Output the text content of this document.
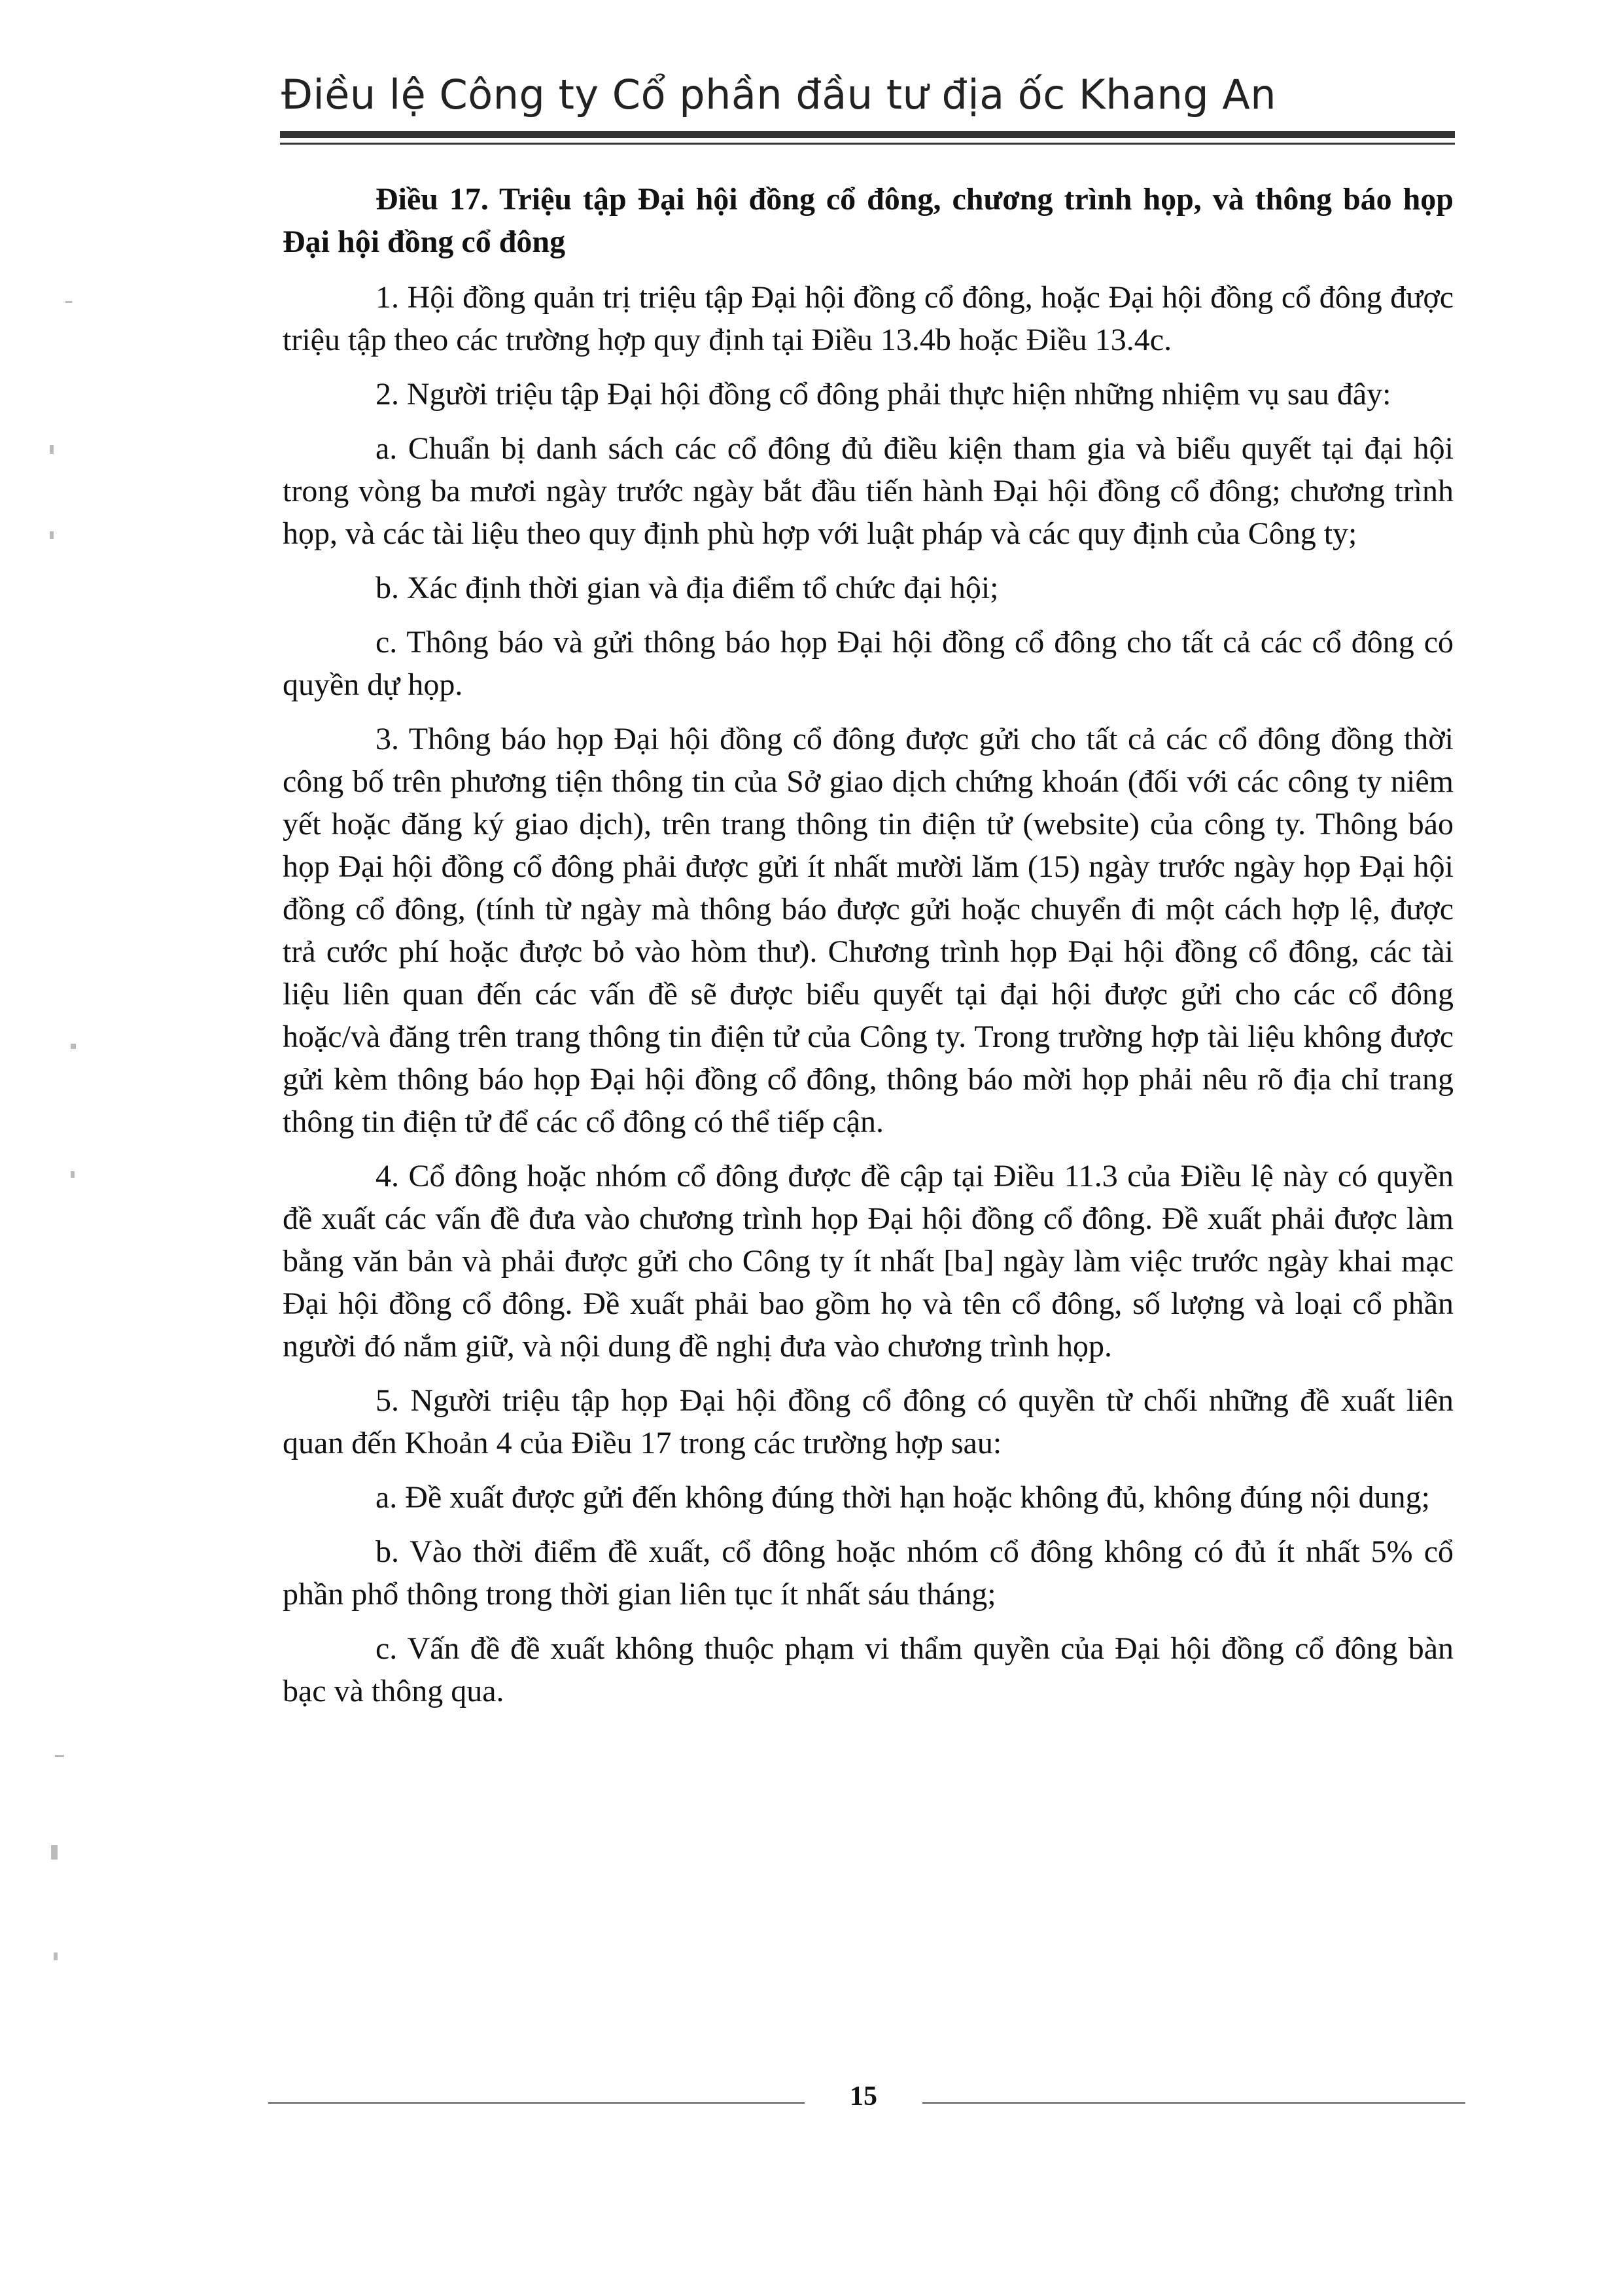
Điều lệ Công ty Cổ phần đầu tư địa ốc Khang An

Điều 17. Triệu tập Đại hội đồng cổ đông, chương trình họp, và thông báo họp Đại hội đồng cổ đông

1. Hội đồng quản trị triệu tập Đại hội đồng cổ đông, hoặc Đại hội đồng cổ đông được triệu tập theo các trường hợp quy định tại Điều 13.4b hoặc Điều 13.4c.

2. Người triệu tập Đại hội đồng cổ đông phải thực hiện những nhiệm vụ sau đây:

a. Chuẩn bị danh sách các cổ đông đủ điều kiện tham gia và biểu quyết tại đại hội trong vòng ba mươi ngày trước ngày bắt đầu tiến hành Đại hội đồng cổ đông; chương trình họp, và các tài liệu theo quy định phù hợp với luật pháp và các quy định của Công ty;

b. Xác định thời gian và địa điểm tổ chức đại hội;

c. Thông báo và gửi thông báo họp Đại hội đồng cổ đông cho tất cả các cổ đông có quyền dự họp.

3. Thông báo họp Đại hội đồng cổ đông được gửi cho tất cả các cổ đông đồng thời công bố trên phương tiện thông tin của Sở giao dịch chứng khoán (đối với các công ty niêm yết hoặc đăng ký giao dịch), trên trang thông tin điện tử (website) của công ty. Thông báo họp Đại hội đồng cổ đông phải được gửi ít nhất mười lăm (15) ngày trước ngày họp Đại hội đồng cổ đông, (tính từ ngày mà thông báo được gửi hoặc chuyển đi một cách hợp lệ, được trả cước phí hoặc được bỏ vào hòm thư). Chương trình họp Đại hội đồng cổ đông, các tài liệu liên quan đến các vấn đề sẽ được biểu quyết tại đại hội được gửi cho các cổ đông hoặc/và đăng trên trang thông tin điện tử của Công ty. Trong trường hợp tài liệu không được gửi kèm thông báo họp Đại hội đồng cổ đông, thông báo mời họp phải nêu rõ địa chỉ trang thông tin điện tử để các cổ đông có thể tiếp cận.

4. Cổ đông hoặc nhóm cổ đông được đề cập tại Điều 11.3 của Điều lệ này có quyền đề xuất các vấn đề đưa vào chương trình họp Đại hội đồng cổ đông. Đề xuất phải được làm bằng văn bản và phải được gửi cho Công ty ít nhất [ba] ngày làm việc trước ngày khai mạc Đại hội đồng cổ đông. Đề xuất phải bao gồm họ và tên cổ đông, số lượng và loại cổ phần người đó nắm giữ, và nội dung đề nghị đưa vào chương trình họp.

5. Người triệu tập họp Đại hội đồng cổ đông có quyền từ chối những đề xuất liên quan đến Khoản 4 của Điều 17 trong các trường hợp sau:

a. Đề xuất được gửi đến không đúng thời hạn hoặc không đủ, không đúng nội dung;

b. Vào thời điểm đề xuất, cổ đông hoặc nhóm cổ đông không có đủ ít nhất 5% cổ phần phổ thông trong thời gian liên tục ít nhất sáu tháng;

c. Vấn đề đề xuất không thuộc phạm vi thẩm quyền của Đại hội đồng cổ đông bàn bạc và thông qua.

15
